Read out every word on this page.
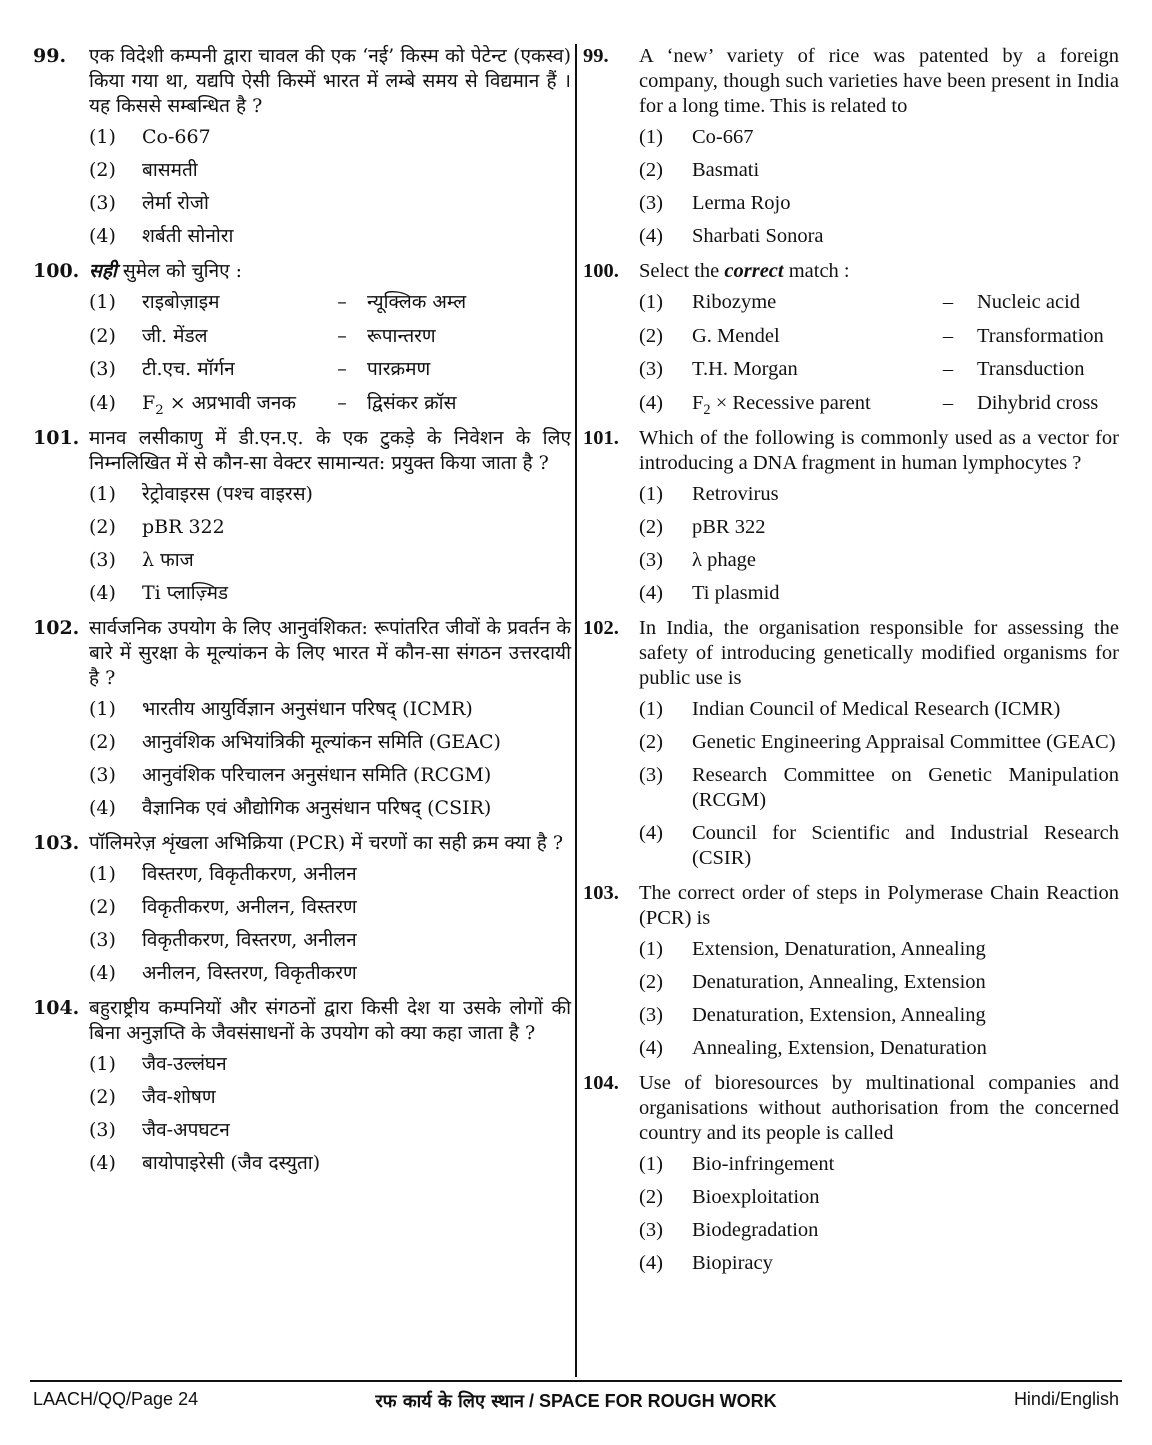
99. एक विदेशी कम्पनी द्वारा चावल की एक ‘नई’ किस्म को पेटेन्ट (एकस्व) किया गया था, यद्यपि ऐसी किस्में भारत में लम्बे समय से विद्यमान हैं । यह किससे सम्बन्धित है ?
(1) Co-667
(2) बासमती
(3) लेर्मा रोजो
(4) शर्बती सोनोरा
100. सही सुमेल को चुनिए :
(1)	राइबोज़ाइम	–	न्यूक्लिक अम्ल
(2)	जी. मेंडल	–	रूपान्तरण
(3)	टी.एच. मॉर्गन	–	पारक्रमण
(4)	$F_2$ × अप्रभावी जनक	–	द्विसंकर क्रॉस
101. मानव लसीकाणु में डी.एन.ए. के एक टुकड़े के निवेशन के लिए निम्नलिखित में से कौन-सा वेक्टर सामान्यत: प्रयुक्त किया जाता है ?
(1) रेट्रोवाइरस (पश्च वाइरस)
(2) pBR 322
(3) λ फाज
(4) Ti प्लाज़्मिड
102. सार्वजनिक उपयोग के लिए आनुवंशिकत: रूपांतरित जीवों के प्रवर्तन के बारे में सुरक्षा के मूल्यांकन के लिए भारत में कौन-सा संगठन उत्तरदायी है ?
(1) भारतीय आयुर्विज्ञान अनुसंधान परिषद् (ICMR)
(2) आनुवंशिक अभियांत्रिकी मूल्यांकन समिति (GEAC)
(3) आनुवंशिक परिचालन अनुसंधान समिति (RCGM)
(4) वैज्ञानिक एवं औद्योगिक अनुसंधान परिषद् (CSIR)
103. पॉलिमरेज़ शृंखला अभिक्रिया (PCR) में चरणों का सही क्रम क्या है ?
(1) विस्तरण, विकृतीकरण, अनीलन
(2) विकृतीकरण, अनीलन, विस्तरण
(3) विकृतीकरण, विस्तरण, अनीलन
(4) अनीलन, विस्तरण, विकृतीकरण
104. बहुराष्ट्रीय कम्पनियों और संगठनों द्वारा किसी देश या उसके लोगों की बिना अनुज्ञप्ति के जैवसंसाधनों के उपयोग को क्या कहा जाता है ?
(1) जैव-उल्लंघन
(2) जैव-शोषण
(3) जैव-अपघटन
(4) बायोपाइरेसी (जैव दस्युता)
99. A ‘new’ variety of rice was patented by a foreign company, though such varieties have been present in India for a long time. This is related to
(1) Co-667
(2) Basmati
(3) Lerma Rojo
(4) Sharbati Sonora
100. Select the correct match :
(1)	Ribozyme	–	Nucleic acid
(2)	G. Mendel	–	Transformation
(3)	T.H. Morgan	–	Transduction
(4)	$F_2$ × Recessive parent	–	Dihybrid cross
101. Which of the following is commonly used as a vector for introducing a DNA fragment in human lymphocytes ?
(1) Retrovirus
(2) pBR 322
(3) λ phage
(4) Ti plasmid
102. In India, the organisation responsible for assessing the safety of introducing genetically modified organisms for public use is
(1) Indian Council of Medical Research (ICMR)
(2) Genetic Engineering Appraisal Committee (GEAC)
(3) Research Committee on Genetic Manipulation (RCGM)
(4) Council for Scientific and Industrial Research (CSIR)
103. The correct order of steps in Polymerase Chain Reaction (PCR) is
(1) Extension, Denaturation, Annealing
(2) Denaturation, Annealing, Extension
(3) Denaturation, Extension, Annealing
(4) Annealing, Extension, Denaturation
104. Use of bioresources by multinational companies and organisations without authorisation from the concerned country and its people is called
(1) Bio-infringement
(2) Bioexploitation
(3) Biodegradation
(4) Biopiracy
LAACH/QQ/Page 24	रफ कार्य के लिए स्थान / SPACE FOR ROUGH WORK	Hindi/English
